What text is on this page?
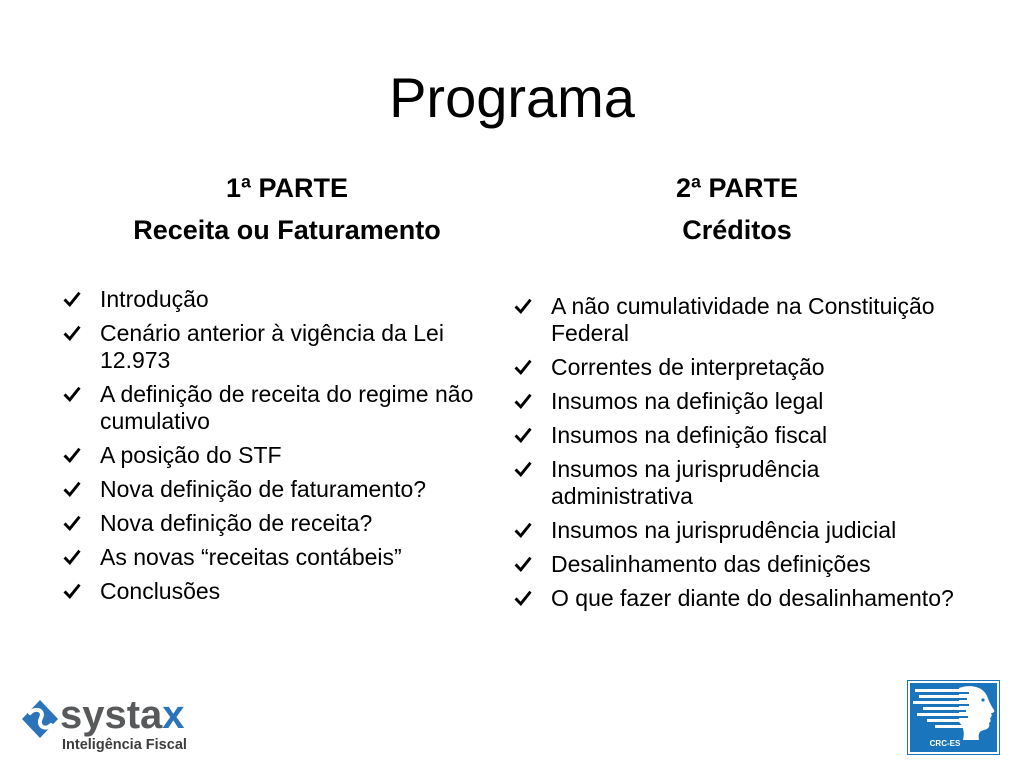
Programa
1ª PARTE
Receita ou Faturamento
2ª PARTE
Créditos
Introdução
Cenário anterior à vigência da Lei 12.973
A definição de receita do regime não cumulativo
A posição do STF
Nova definição de faturamento?
Nova definição de receita?
As novas “receitas contábeis”
Conclusões
A não cumulatividade na Constituição Federal
Correntes de interpretação
Insumos na definição legal
Insumos na definição fiscal
Insumos na jurisprudência administrativa
Insumos na jurisprudência judicial
Desalinhamento das definições
O que fazer diante do desalinhamento?
systax
Inteligência Fiscal	CRC-ES
